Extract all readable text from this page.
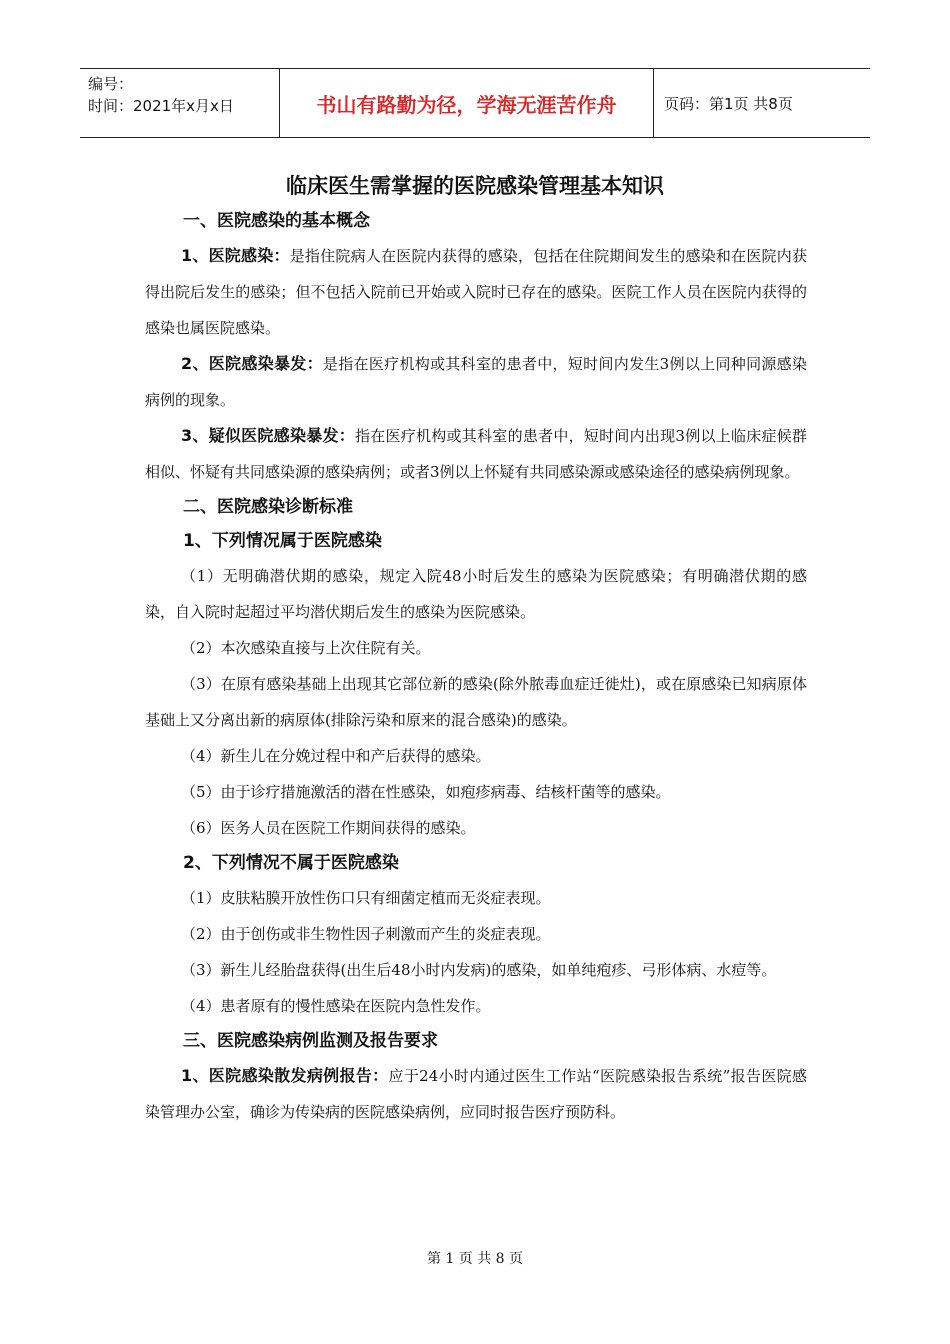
编号：
时间：2021年x月x日	书山有路勤为径，学海无涯苦作舟	页码：第1页 共8页
临床医生需掌握的医院感染管理基本知识

一、医院感染的基本概念

1、医院感染：是指住院病人在医院内获得的感染，包括在住院期间发生的感染和在医院内获得出院后发生的感染；但不包括入院前已开始或入院时已存在的感染。医院工作人员在医院内获得的感染也属医院感染。

2、医院感染暴发：是指在医疗机构或其科室的患者中，短时间内发生3例以上同种同源感染病例的现象。

3、疑似医院感染暴发：指在医疗机构或其科室的患者中，短时间内出现3例以上临床症候群相似、怀疑有共同感染源的感染病例；或者3例以上怀疑有共同感染源或感染途径的感染病例现象。

二、医院感染诊断标准

1、下列情况属于医院感染

（1）无明确潜伏期的感染，规定入院48小时后发生的感染为医院感染；有明确潜伏期的感染，自入院时起超过平均潜伏期后发生的感染为医院感染。

（2）本次感染直接与上次住院有关。

（3）在原有感染基础上出现其它部位新的感染(除外脓毒血症迁徙灶)，或在原感染已知病原体基础上又分离出新的病原体(排除污染和原来的混合感染)的感染。

（4）新生儿在分娩过程中和产后获得的感染。

（5）由于诊疗措施激活的潜在性感染，如疱疹病毒、结核杆菌等的感染。

（6）医务人员在医院工作期间获得的感染。

2、下列情况不属于医院感染

（1）皮肤粘膜开放性伤口只有细菌定植而无炎症表现。

（2）由于创伤或非生物性因子刺激而产生的炎症表现。

（3）新生儿经胎盘获得(出生后48小时内发病)的感染，如单纯疱疹、弓形体病、水痘等。

（4）患者原有的慢性感染在医院内急性发作。

三、医院感染病例监测及报告要求

1、医院感染散发病例报告：应于24小时内通过医生工作站“医院感染报告系统”报告医院感染管理办公室，确诊为传染病的医院感染病例，应同时报告医疗预防科。

第 1 页 共 8 页
